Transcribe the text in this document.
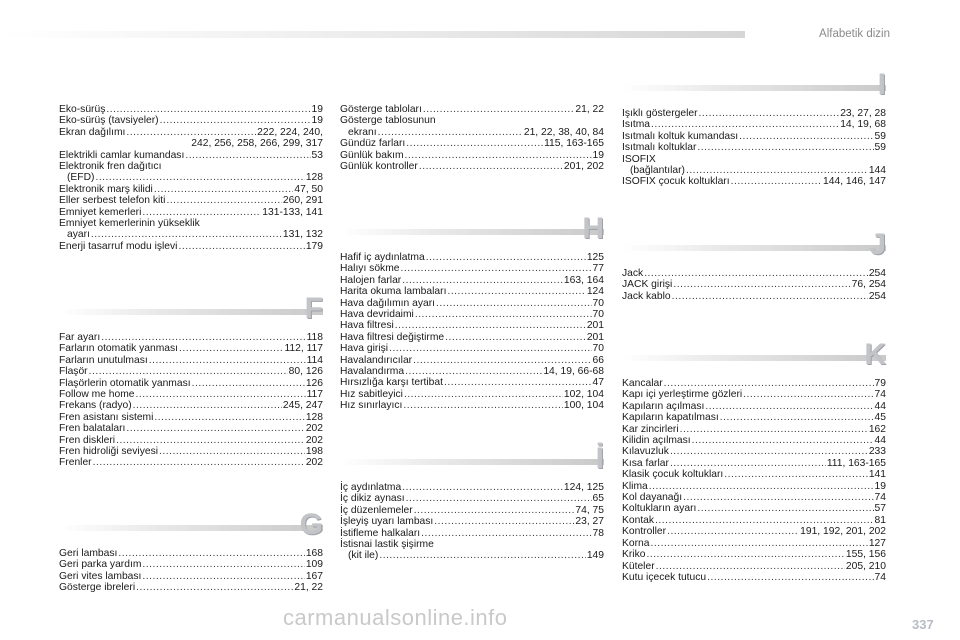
Alfabetik dizin
Eko-sürüş .....	19
Eko-sürüş (tavsiyeler) .....	19
Ekran dağılımı .....	222, 224, 240,
242, 256, 258, 266, 299, 317
Elektrikli camlar kumandası .....	53
Elektronik fren dağıtıcı
(EFD) .....	128
Elektronik marş kilidi .....	47, 50
Eller serbest telefon kiti .....	260, 291
Emniyet kemerleri .....	131-133, 141
Emniyet kemerlerinin yükseklik
ayarı .....	131, 132
Enerji tasarruf modu işlevi .....	179
F
Far ayarı .....	118
Farların otomatik yanması .....	112, 117
Farların unutulması .....	114
Flaşör .....	80, 126
Flaşörlerin otomatik yanması .....	126
Follow me home .....	117
Frekans (radyo) .....	245, 247
Fren asistanı sistemi .....	128
Fren balataları .....	202
Fren diskleri .....	202
Fren hidroliği seviyesi .....	198
Frenler .....	202
G
Geri lambası .....	168
Geri parka yardım .....	109
Geri vites lambası .....	167
Gösterge ibreleri .....	21, 22
Gösterge tabloları .....	21, 22
Gösterge tablosunun
ekranı .....	21, 22, 38, 40, 84
Gündüz farları .....	115, 163-165
Günlük bakım .....	19
Günlük kontroller .....	201, 202
H
Hafif iç aydınlatma .....	125
Halıyı sökme .....	77
Halojen farlar .....	163, 164
Harita okuma lambaları .....	124
Hava dağılımın ayarı .....	70
Hava devridaimi .....	70
Hava filtresi .....	201
Hava filtresi değiştirme .....	201
Hava girişi .....	70
Havalandırıcılar .....	66
Havalandırma .....	14, 19, 66-68
Hırsızlığa karşı tertibat .....	47
Hız sabitleyici .....	102, 104
Hız sınırlayıcı .....	100, 104
İ
İç aydınlatma .....	124, 125
İç dikiz aynası .....	65
İç düzenlemeler .....	74, 75
İşleyiş uyarı lambası .....	23, 27
İstifleme halkaları .....	78
İstisnai lastik şişirme
(kit ile) .....	149
I
Işıklı göstergeler .....	23, 27, 28
Isıtma .....	14, 19, 68
Isıtmalı koltuk kumandası .....	59
Isıtmalı koltuklar .....	59
ISOFIX
(bağlantılar) .....	144
ISOFIX çocuk koltukları .....	144, 146, 147
J
Jack .....	254
JACK girişi .....	76, 254
Jack kablo .....	254
K
Kancalar .....	79
Kapı içi yerleştirme gözleri .....	74
Kapıların açılması .....	44
Kapıların kapatılması .....	45
Kar zincirleri .....	162
Kilidin açılması .....	44
Kılavuzluk .....	233
Kısa farlar .....	111, 163-165
Klasik çocuk koltukları .....	141
Klima .....	19
Kol dayanağı .....	74
Koltukların ayarı .....	57
Kontak .....	81
Kontroller .....	191, 192, 201, 202
Korna .....	127
Kriko .....	155, 156
Küteler .....	205, 210
Kutu içecek tutucu .....	74
carmanualsonline.info	337
